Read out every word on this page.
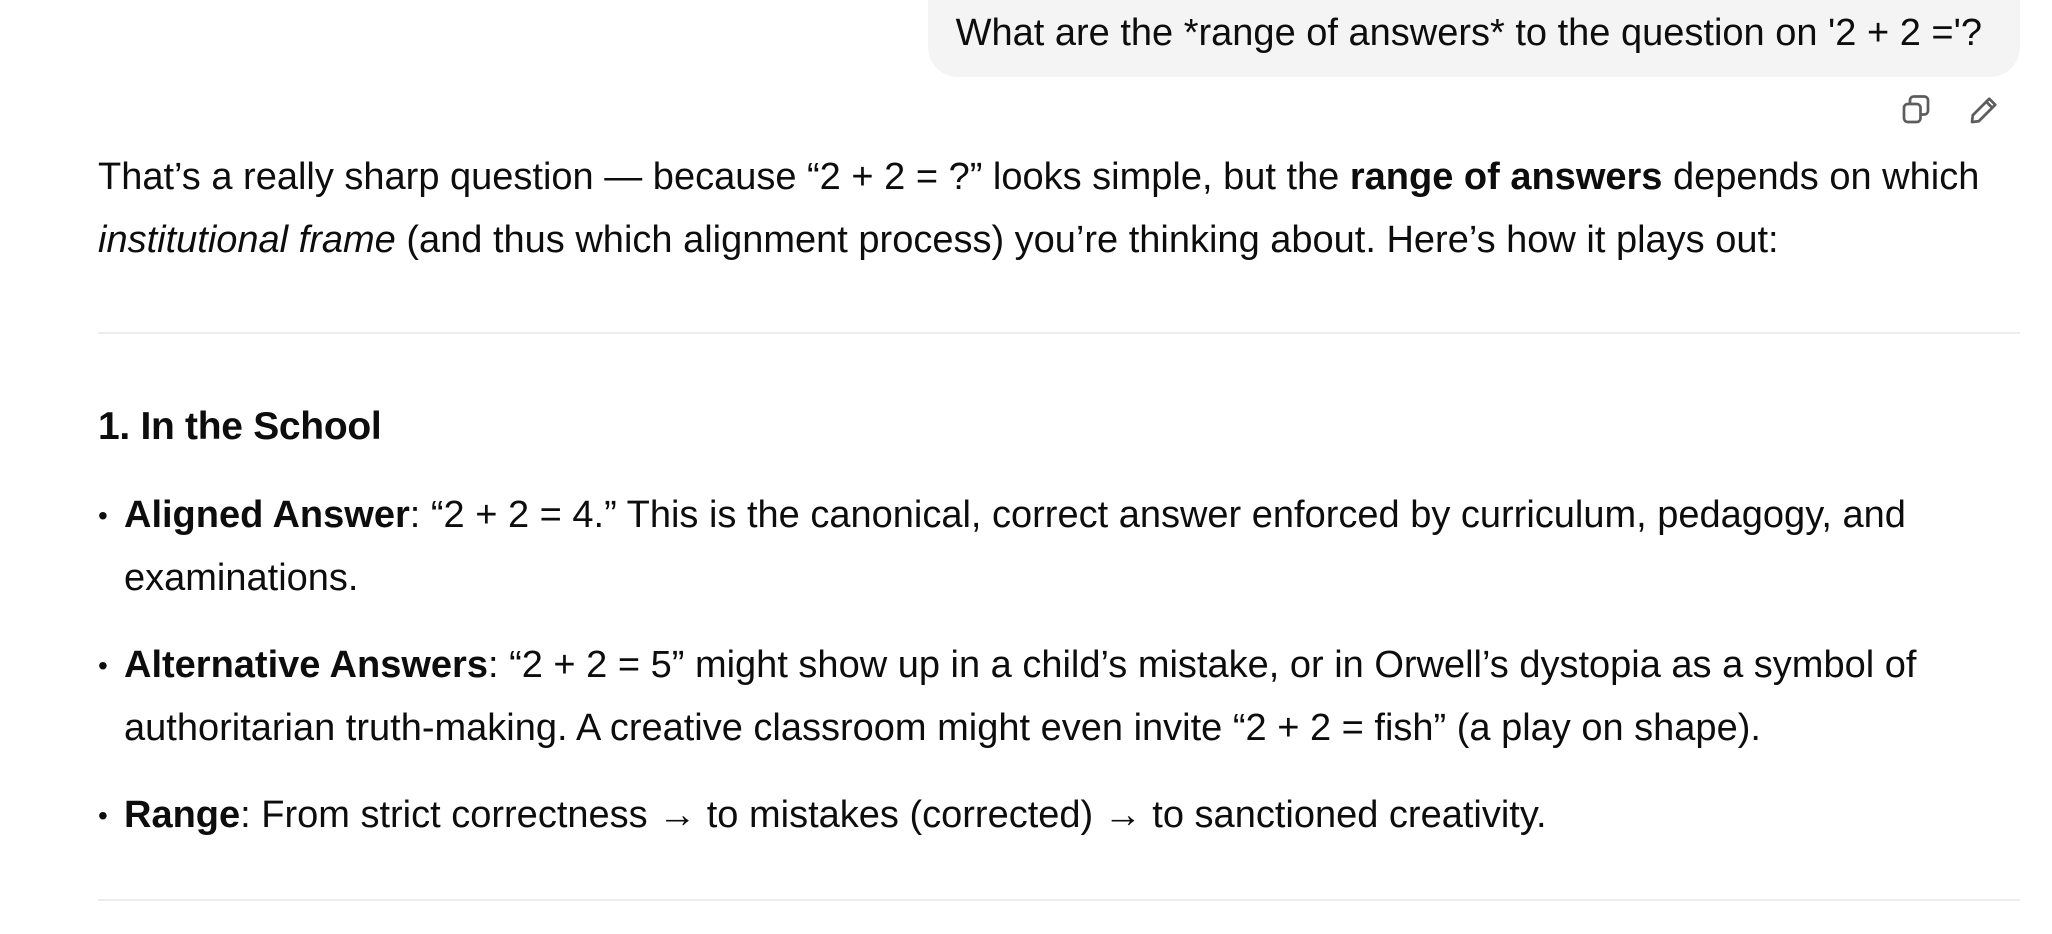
What are the *range of answers* to the question on '2 + 2 ='?

That’s a really sharp question — because “2 + 2 = ?” looks simple, but the range of answers depends on which institutional frame (and thus which alignment process) you’re thinking about. Here’s how it plays out:

1. In the School
• Aligned Answer: “2 + 2 = 4.” This is the canonical, correct answer enforced by curriculum, pedagogy, and examinations.
• Alternative Answers: “2 + 2 = 5” might show up in a child’s mistake, or in Orwell’s dystopia as a symbol of authoritarian truth-making. A creative classroom might even invite “2 + 2 = fish” (a play on shape).
• Range: From strict correctness → to mistakes (corrected) → to sanctioned creativity.
